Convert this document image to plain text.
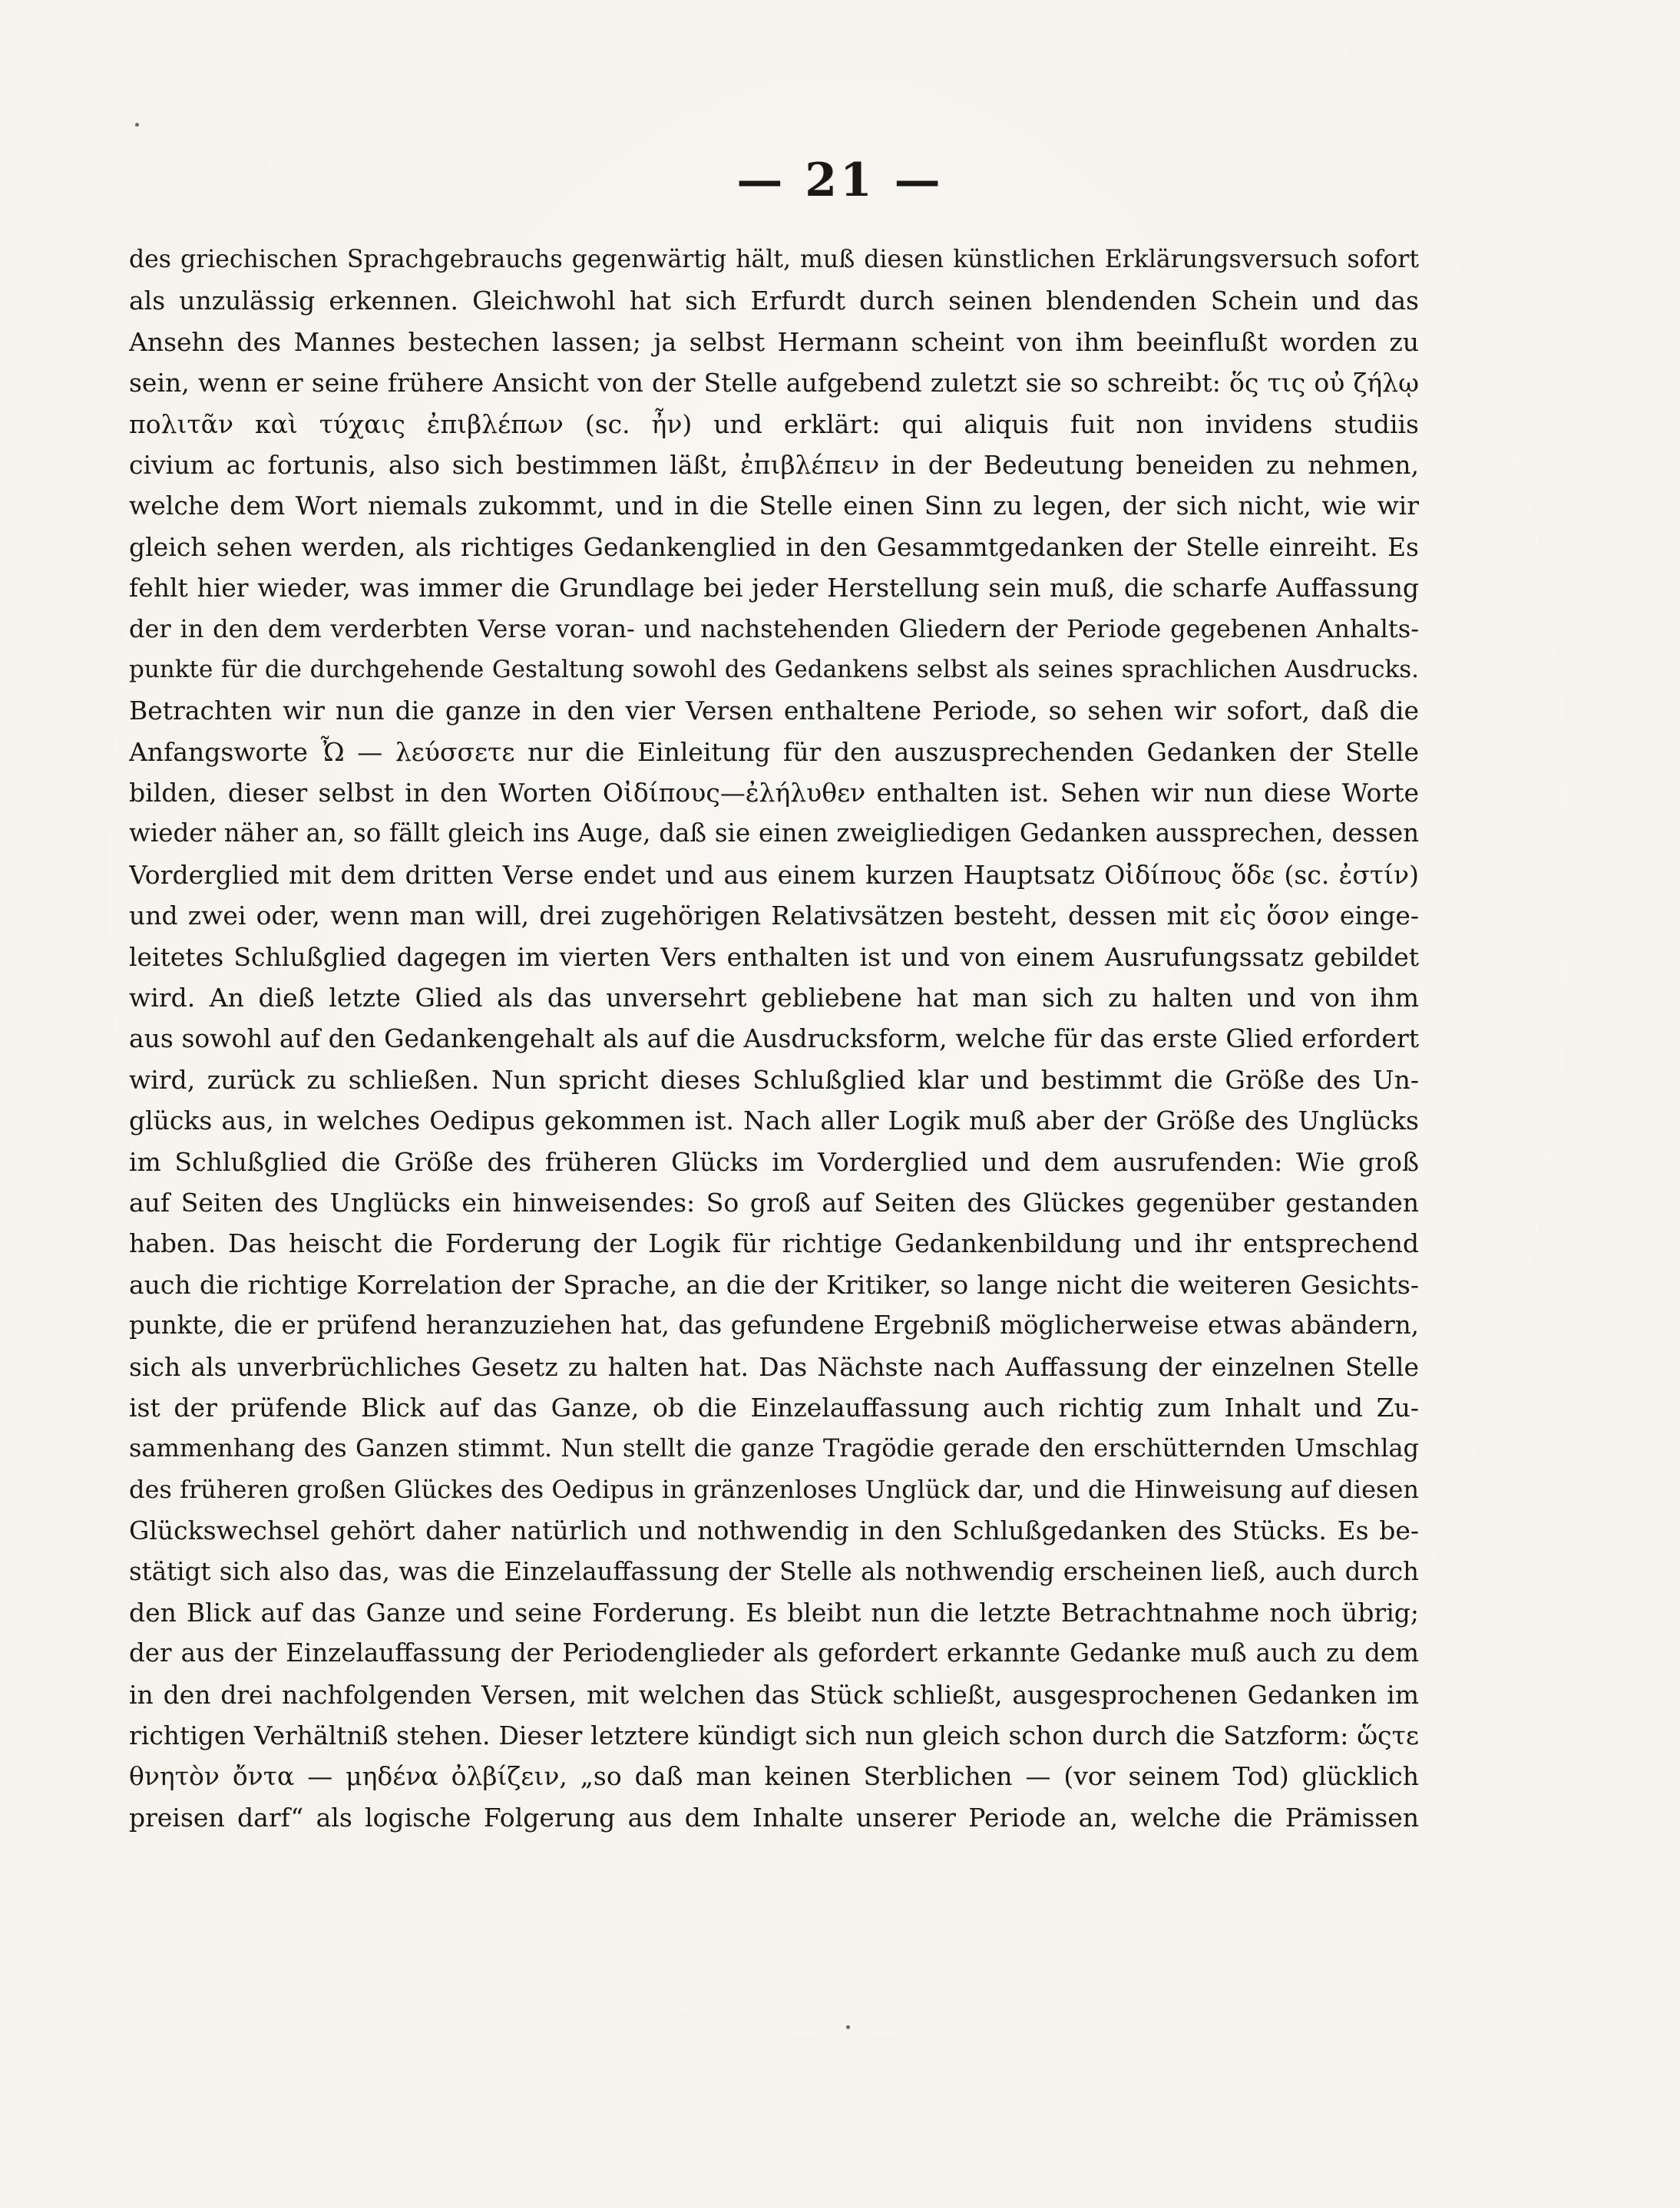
— 21 —
des griechischen Sprachgebrauchs gegenwärtig hält, muß diesen künstlichen Erklärungsversuch sofort
als unzulässig erkennen. Gleichwohl hat sich Erfurdt durch seinen blendenden Schein und das
Ansehn des Mannes bestechen lassen; ja selbst Hermann scheint von ihm beeinflußt worden zu
sein, wenn er seine frühere Ansicht von der Stelle aufgebend zuletzt sie so schreibt: ὅς τις οὐ ζήλῳ
πολιτᾶν καὶ τύχαις ἐπιβλέπων (sc. ἦν) und erklärt: qui aliquis fuit non invidens studiis
civium ac fortunis, also sich bestimmen läßt, ἐπιβλέπειν in der Bedeutung beneiden zu nehmen,
welche dem Wort niemals zukommt, und in die Stelle einen Sinn zu legen, der sich nicht, wie wir
gleich sehen werden, als richtiges Gedankenglied in den Gesammtgedanken der Stelle einreiht. Es
fehlt hier wieder, was immer die Grundlage bei jeder Herstellung sein muß, die scharfe Auffassung
der in den dem verderbten Verse voran- und nachstehenden Gliedern der Periode gegebenen Anhalts-
punkte für die durchgehende Gestaltung sowohl des Gedankens selbst als seines sprachlichen Ausdrucks.
Betrachten wir nun die ganze in den vier Versen enthaltene Periode, so sehen wir sofort, daß die
Anfangsworte Ὦ — λεύσσετε nur die Einleitung für den auszusprechenden Gedanken der Stelle
bilden, dieser selbst in den Worten Οἰδίπους—ἐλήλυθεν enthalten ist. Sehen wir nun diese Worte
wieder näher an, so fällt gleich ins Auge, daß sie einen zweigliedigen Gedanken aussprechen, dessen
Vorderglied mit dem dritten Verse endet und aus einem kurzen Hauptsatz Οἰδίπους ὅδε (sc. ἐστίν)
und zwei oder, wenn man will, drei zugehörigen Relativsätzen besteht, dessen mit εἰς ὅσον einge-
leitetes Schlußglied dagegen im vierten Vers enthalten ist und von einem Ausrufungssatz gebildet
wird. An dieß letzte Glied als das unversehrt gebliebene hat man sich zu halten und von ihm
aus sowohl auf den Gedankengehalt als auf die Ausdrucksform, welche für das erste Glied erfordert
wird, zurück zu schließen. Nun spricht dieses Schlußglied klar und bestimmt die Größe des Un-
glücks aus, in welches Oedipus gekommen ist. Nach aller Logik muß aber der Größe des Unglücks
im Schlußglied die Größe des früheren Glücks im Vorderglied und dem ausrufenden: Wie groß
auf Seiten des Unglücks ein hinweisendes: So groß auf Seiten des Glückes gegenüber gestanden
haben. Das heischt die Forderung der Logik für richtige Gedankenbildung und ihr entsprechend
auch die richtige Korrelation der Sprache, an die der Kritiker, so lange nicht die weiteren Gesichts-
punkte, die er prüfend heranzuziehen hat, das gefundene Ergebniß möglicherweise etwas abändern,
sich als unverbrüchliches Gesetz zu halten hat. Das Nächste nach Auffassung der einzelnen Stelle
ist der prüfende Blick auf das Ganze, ob die Einzelauffassung auch richtig zum Inhalt und Zu-
sammenhang des Ganzen stimmt. Nun stellt die ganze Tragödie gerade den erschütternden Umschlag
des früheren großen Glückes des Oedipus in gränzenloses Unglück dar, und die Hinweisung auf diesen
Glückswechsel gehört daher natürlich und nothwendig in den Schlußgedanken des Stücks. Es be-
stätigt sich also das, was die Einzelauffassung der Stelle als nothwendig erscheinen ließ, auch durch
den Blick auf das Ganze und seine Forderung. Es bleibt nun die letzte Betrachtnahme noch übrig;
der aus der Einzelauffassung der Periodenglieder als gefordert erkannte Gedanke muß auch zu dem
in den drei nachfolgenden Versen, mit welchen das Stück schließt, ausgesprochenen Gedanken im
richtigen Verhältniß stehen. Dieser letztere kündigt sich nun gleich schon durch die Satzform: ὥςτε
θνητὸν ὄντα — μηδένα ὀλβίζειν, „so daß man keinen Sterblichen — (vor seinem Tod) glücklich
preisen darf“ als logische Folgerung aus dem Inhalte unserer Periode an, welche die Prämissen
